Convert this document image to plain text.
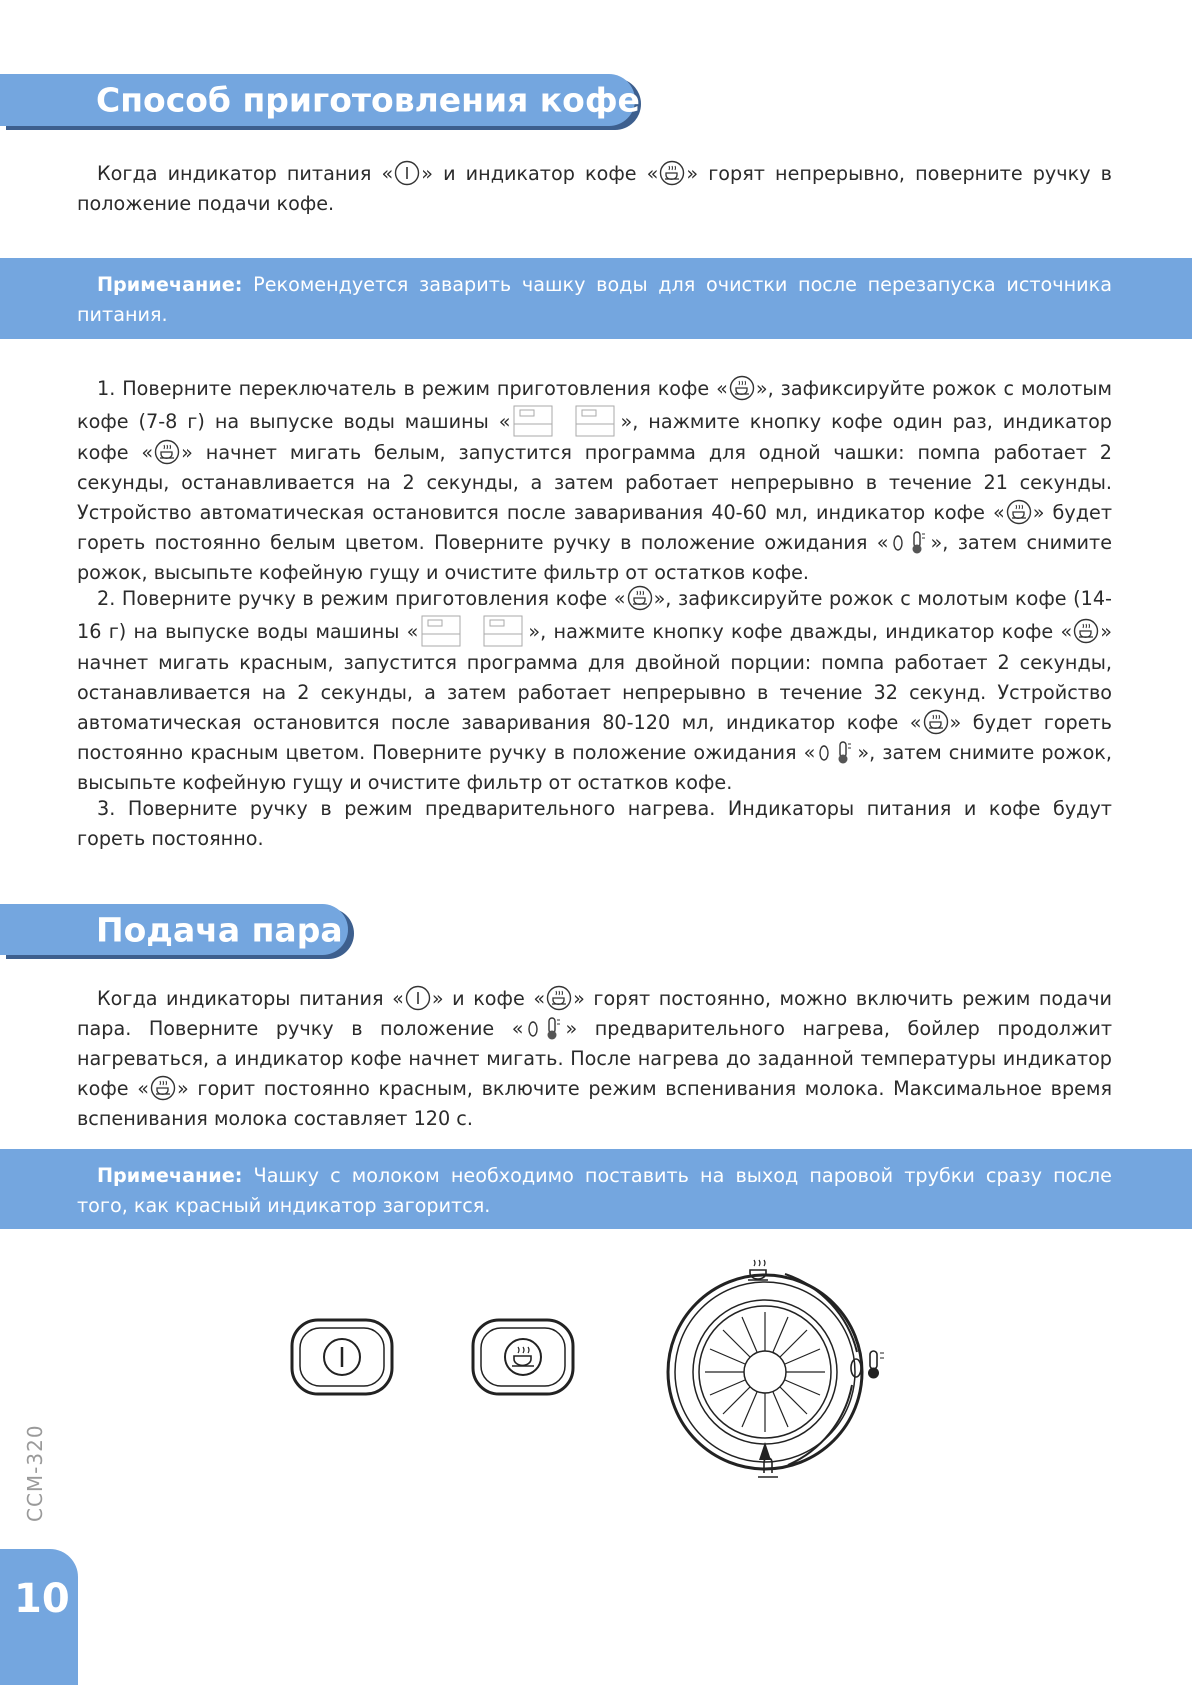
Способ приготовления кофе

Когда индикатор питания « » и индикатор кофе « » горят непрерывно, поверните ручку в положение подачи кофе.

Примечание: Рекомендуется заварить чашку воды для очистки после перезапуска источника питания.

1. Поверните переключатель в режим приготовления кофе « », зафиксируйте рожок с молотым кофе (7-8 г) на выпуске воды машины «	», нажмите кнопку кофе один раз, индикатор кофе « » начнет мигать белым, запустится программа для одной чашки: помпа работает 2 секунды, останавливается на 2 секунды, а затем работает непрерывно в течение 21 секунды. Устройство автоматическая остановится после заваривания 40-60 мл, индикатор кофе « » будет гореть постоянно белым цветом. Поверните ручку в положение ожидания « », затем снимите рожок, высыпьте кофейную гущу и очистите фильтр от остатков кофе.

2. Поверните ручку в режим приготовления кофе « », зафиксируйте рожок с молотым кофе (14-16 г) на выпуске воды машины «	», нажмите кнопку кофе дважды, индикатор кофе « » начнет мигать красным, запустится программа для двойной порции: помпа работает 2 секунды, останавливается на 2 секунды, а затем работает непрерывно в течение 32 секунд. Устройство автоматическая остановится после заваривания 80-120 мл, индикатор кофе « » будет гореть постоянно красным цветом. Поверните ручку в положение ожидания « », затем снимите рожок, высыпьте кофейную гущу и очистите фильтр от остатков кофе.

3. Поверните ручку в режим предварительного нагрева. Индикаторы питания и кофе будут гореть постоянно.

Подача пара

Когда индикаторы питания « » и кофе « » горят постоянно, можно включить режим подачи пара. Поверните ручку в положение « » предварительного нагрева, бойлер продолжит нагреваться, а индикатор кофе начнет мигать. После нагрева до заданной температуры индикатор кофе « » горит постоянно красным, включите режим вспенивания молока. Максимальное время вспенивания молока составляет 120 с.

Примечание: Чашку с молоком необходимо поставить на выход паровой трубки сразу после того, как красный индикатор загорится.
CCM-320
10
